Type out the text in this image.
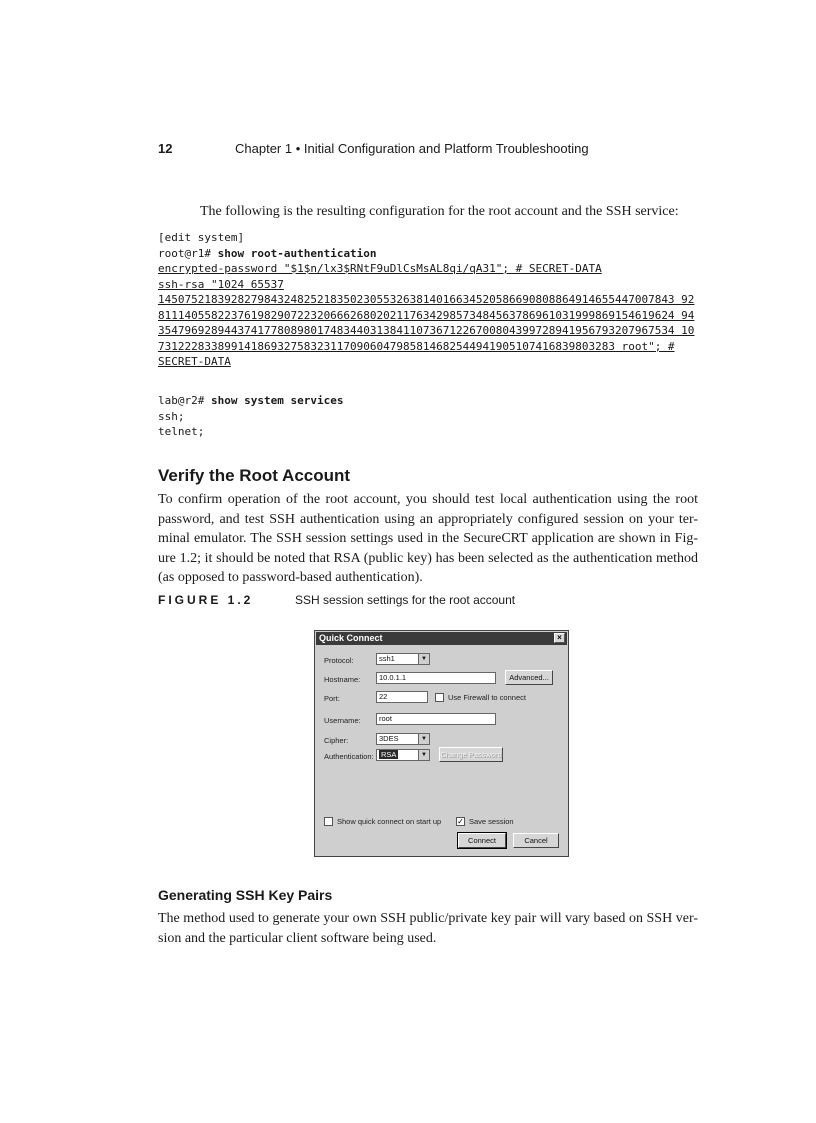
12	Chapter 1 • Initial Configuration and Platform Troubleshooting

The following is the resulting configuration for the root account and the SSH service:

[edit system]
root@r1# show root-authentication
encrypted-password "$1$n/lx3$RNtF9uDlCsMsAL8qi/qA31"; # SECRET-DATA
ssh-rsa "1024 65537
145075218392827984324825218350230553263814016634520586690808864914655447007843 92
811140558223761982907223206662680202117634298573484563786961031999869154619624 94
354796928944374177808980174834403138411073671226700804399728941956793207967534 10
731222833899141869327583231170906047985814682544941905107416839803283 root"; #
SECRET-DATA
lab@r2# show system services
ssh;
telnet;
Verify the Root Account

To confirm operation of the root account, you should test local authentication using the root password, and test SSH authentication using an appropriately configured session on your ter-minal emulator. The SSH session settings used in the SecureCRT application are shown in Fig-ure 1.2; it should be noted that RSA (public key) has been selected as the authentication method (as opposed to password-based authentication).

FIGURE 1.2	SSH session settings for the root account
Quick Connect	×
Protocol:	ssh1	▼
Hostname:	10.0.1.1	Advanced...
Port:	22	Use Firewall to connect
Username:	root
Cipher:	3DES	▼
Authentication: RSA	▼ Change Password
Show quick connect on start up ✓ Save session
Connect	Cancel
Generating SSH Key Pairs

The method used to generate your own SSH public/private key pair will vary based on SSH ver-sion and the particular client software being used.
